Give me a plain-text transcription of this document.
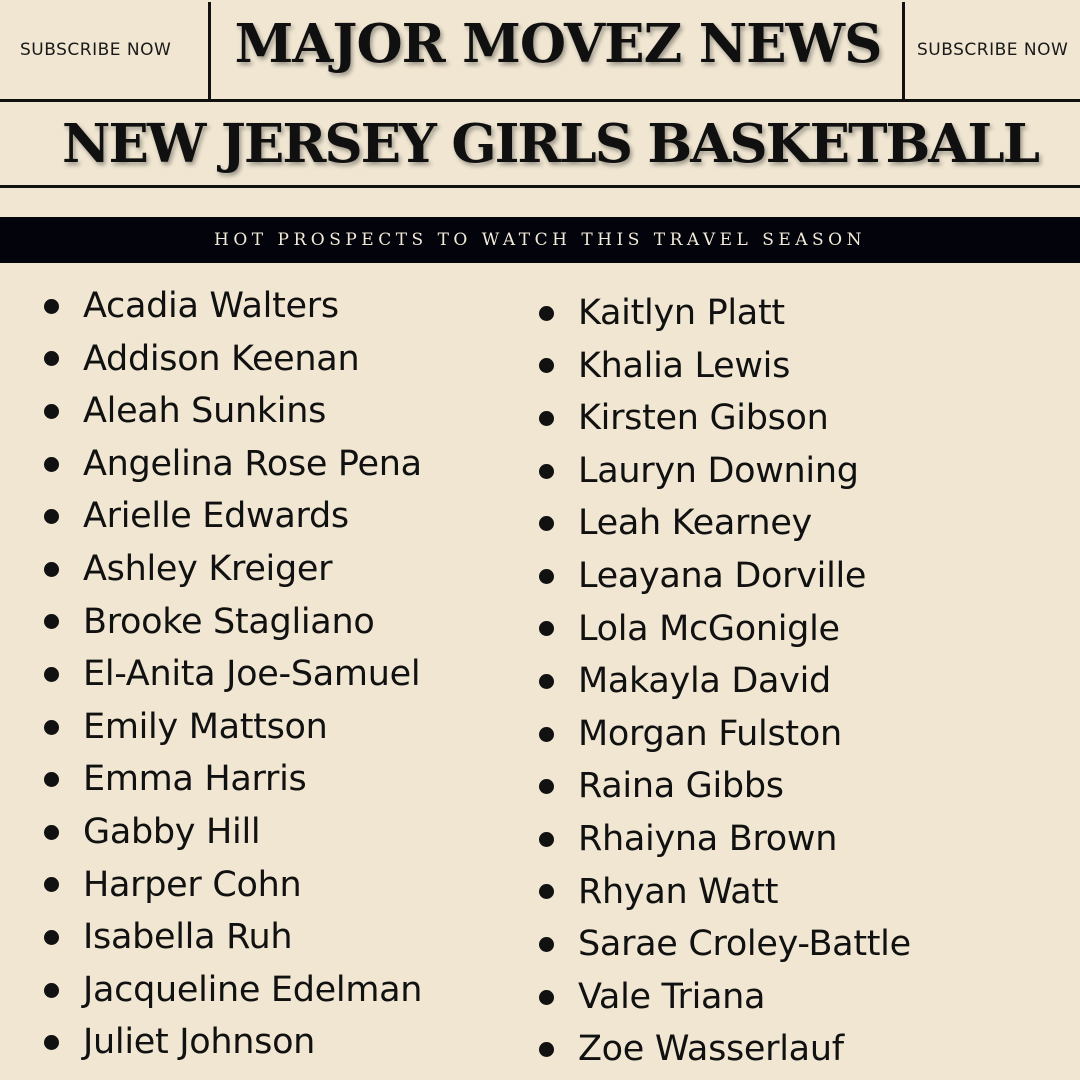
SUBSCRIBE NOW	MAJOR MOVEZ NEWS	SUBSCRIBE NOW
NEW JERSEY GIRLS BASKETBALL
HOT PROSPECTS TO WATCH THIS TRAVEL SEASON
Acadia Walters
Addison Keenan
Aleah Sunkins
Angelina Rose Pena
Arielle Edwards
Ashley Kreiger
Brooke Stagliano
El-Anita Joe-Samuel
Emily Mattson
Emma Harris
Gabby Hill
Harper Cohn
Isabella Ruh
Jacqueline Edelman
Juliet Johnson
Kaitlyn Platt
Khalia Lewis
Kirsten Gibson
Lauryn Downing
Leah Kearney
Leayana Dorville
Lola McGonigle
Makayla David
Morgan Fulston
Raina Gibbs
Rhaiyna Brown
Rhyan Watt
Sarae Croley-Battle
Vale Triana
Zoe Wasserlauf
